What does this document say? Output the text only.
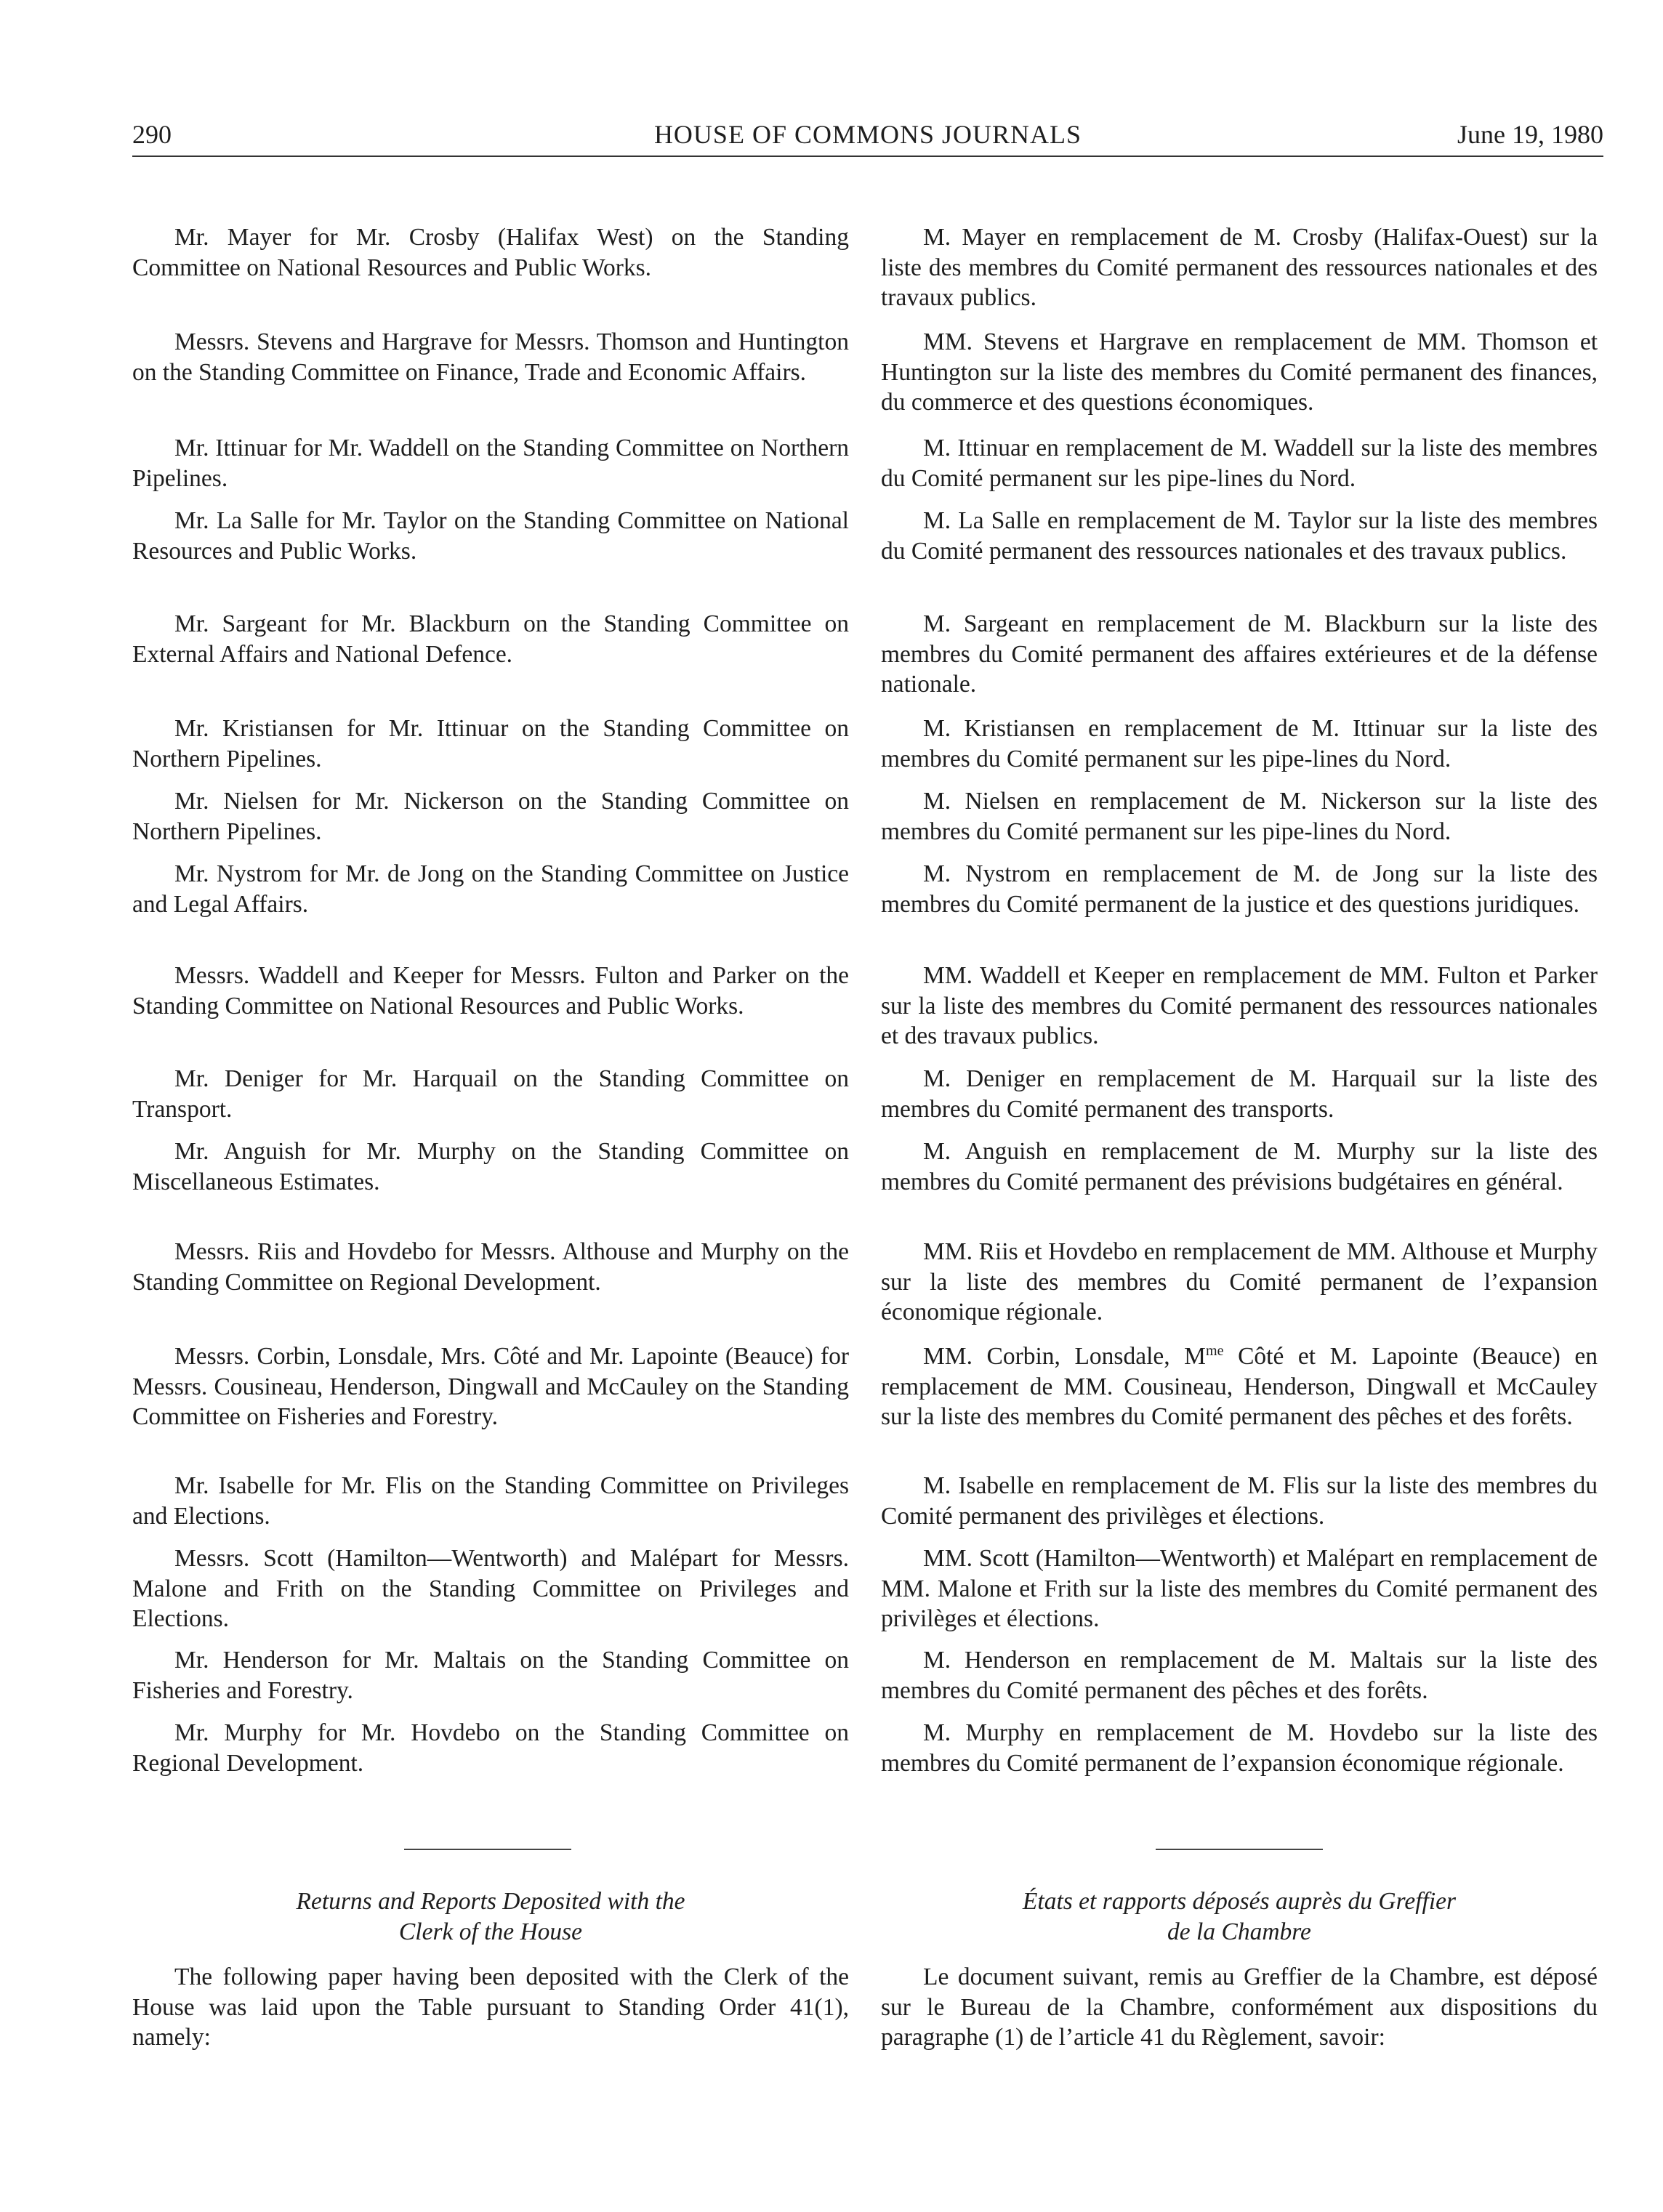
290	HOUSE OF COMMONS JOURNALS	June 19, 1980

Mr. Mayer for Mr. Crosby (Halifax West) on the Standing Committee on National Resources and Public Works.

Messrs. Stevens and Hargrave for Messrs. Thomson and Huntington on the Standing Committee on Finance, Trade and Economic Affairs.

Mr. Ittinuar for Mr. Waddell on the Standing Committee on Northern Pipelines.

Mr. La Salle for Mr. Taylor on the Standing Committee on National Resources and Public Works.

Mr. Sargeant for Mr. Blackburn on the Standing Committee on External Affairs and National Defence.

Mr. Kristiansen for Mr. Ittinuar on the Standing Committee on Northern Pipelines.

Mr. Nielsen for Mr. Nickerson on the Standing Committee on Northern Pipelines.

Mr. Nystrom for Mr. de Jong on the Standing Committee on Justice and Legal Affairs.

Messrs. Waddell and Keeper for Messrs. Fulton and Parker on the Standing Committee on National Resources and Public Works.

Mr. Deniger for Mr. Harquail on the Standing Committee on Transport.

Mr. Anguish for Mr. Murphy on the Standing Committee on Miscellaneous Estimates.

Messrs. Riis and Hovdebo for Messrs. Althouse and Murphy on the Standing Committee on Regional Development.

Messrs. Corbin, Lonsdale, Mrs. Côté and Mr. Lapointe (Beauce) for Messrs. Cousineau, Henderson, Dingwall and McCauley on the Standing Committee on Fisheries and Forestry.

Mr. Isabelle for Mr. Flis on the Standing Committee on Privileges and Elections.

Messrs. Scott (Hamilton—Wentworth) and Malépart for Messrs. Malone and Frith on the Standing Committee on Privileges and Elections.

Mr. Henderson for Mr. Maltais on the Standing Committee on Fisheries and Forestry.

Mr. Murphy for Mr. Hovdebo on the Standing Committee on Regional Development.

Returns and Reports Deposited with the
Clerk of the House

The following paper having been deposited with the Clerk of the House was laid upon the Table pursuant to Standing Order 41(1), namely:

M. Mayer en remplacement de M. Crosby (Halifax-Ouest) sur la liste des membres du Comité permanent des ressources nationales et des travaux publics.

MM. Stevens et Hargrave en remplacement de MM. Thomson et Huntington sur la liste des membres du Comité permanent des finances, du commerce et des questions économiques.

M. Ittinuar en remplacement de M. Waddell sur la liste des membres du Comité permanent sur les pipe-lines du Nord.

M. La Salle en remplacement de M. Taylor sur la liste des membres du Comité permanent des ressources nationales et des travaux publics.

M. Sargeant en remplacement de M. Blackburn sur la liste des membres du Comité permanent des affaires extérieures et de la défense nationale.

M. Kristiansen en remplacement de M. Ittinuar sur la liste des membres du Comité permanent sur les pipe-lines du Nord.

M. Nielsen en remplacement de M. Nickerson sur la liste des membres du Comité permanent sur les pipe-lines du Nord.

M. Nystrom en remplacement de M. de Jong sur la liste des membres du Comité permanent de la justice et des questions juridiques.

MM. Waddell et Keeper en remplacement de MM. Fulton et Parker sur la liste des membres du Comité permanent des ressources nationales et des travaux publics.

M. Deniger en remplacement de M. Harquail sur la liste des membres du Comité permanent des transports.

M. Anguish en remplacement de M. Murphy sur la liste des membres du Comité permanent des prévisions budgétaires en général.

MM. Riis et Hovdebo en remplacement de MM. Althouse et Murphy sur la liste des membres du Comité permanent de l’expansion économique régionale.

MM. Corbin, Lonsdale, $M^{me}$ Côté et M. Lapointe (Beauce) en remplacement de MM. Cousineau, Henderson, Dingwall et McCauley sur la liste des membres du Comité permanent des pêches et des forêts.

M. Isabelle en remplacement de M. Flis sur la liste des membres du Comité permanent des privilèges et élections.

MM. Scott (Hamilton—Wentworth) et Malépart en remplacement de MM. Malone et Frith sur la liste des membres du Comité permanent des privilèges et élections.

M. Henderson en remplacement de M. Maltais sur la liste des membres du Comité permanent des pêches et des forêts.

M. Murphy en remplacement de M. Hovdebo sur la liste des membres du Comité permanent de l’expansion économique régionale.

États et rapports déposés auprès du Greffier
de la Chambre

Le document suivant, remis au Greffier de la Chambre, est déposé sur le Bureau de la Chambre, conformément aux dispositions du paragraphe (1) de l’article 41 du Règlement, savoir:
